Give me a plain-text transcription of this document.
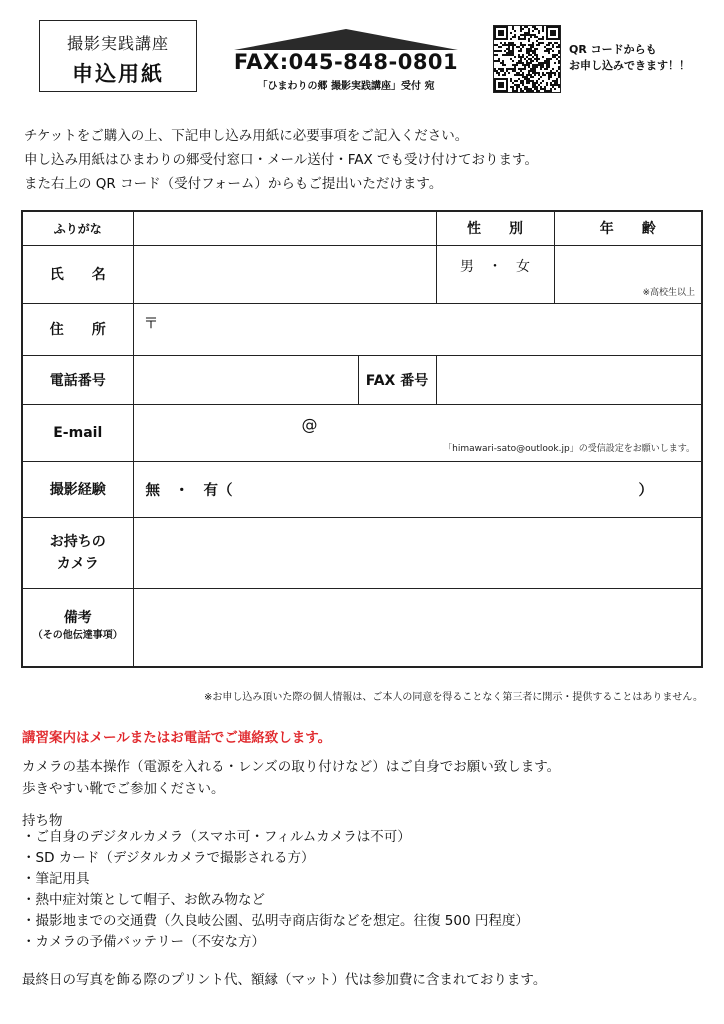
撮影実践講座
申込用紙	FAX:045-848-0801
「ひまわりの郷 撮影実践講座」受付 宛
QR コードからも
お申し込みできます！！
チケットをご購入の上、下記申し込み用紙に必要事項をご記入ください。
申し込み用紙はひまわりの郷受付窓口・メール送付・FAX でも受け付けております。
また右上の QR コード（受付フォーム）からもご提出いただけます。
ふりがな			性　　別	年　　齢
氏　　名			男　・　女	※高校生以上
住　　所	〒			
電話番号		FAX 番号		
E-mail	@
「himawari-sato@outlook.jp」の受信設定をお願いします。			

撮影経験	無　・　有（ ）			

お持ちの
カメラ				

備考
（その他伝達事項）				

※お申し込み頂いた際の個人情報は、ご本人の同意を得ることなく第三者に開示・提供することはありません。
講習案内はメールまたはお電話でご連絡致します。
カメラの基本操作（電源を入れる・レンズの取り付けなど）はご自身でお願い致します。
歩きやすい靴でご参加ください。
持ち物
・ご自身のデジタルカメラ（スマホ可・フィルムカメラは不可）
・SD カード（デジタルカメラで撮影される方）
・筆記用具
・熱中症対策として帽子、お飲み物など
・撮影地までの交通費（久良岐公園、弘明寺商店街などを想定。往復 500 円程度）
・カメラの予備バッテリー（不安な方）
最終日の写真を飾る際のプリント代、額縁（マット）代は参加費に含まれております。
